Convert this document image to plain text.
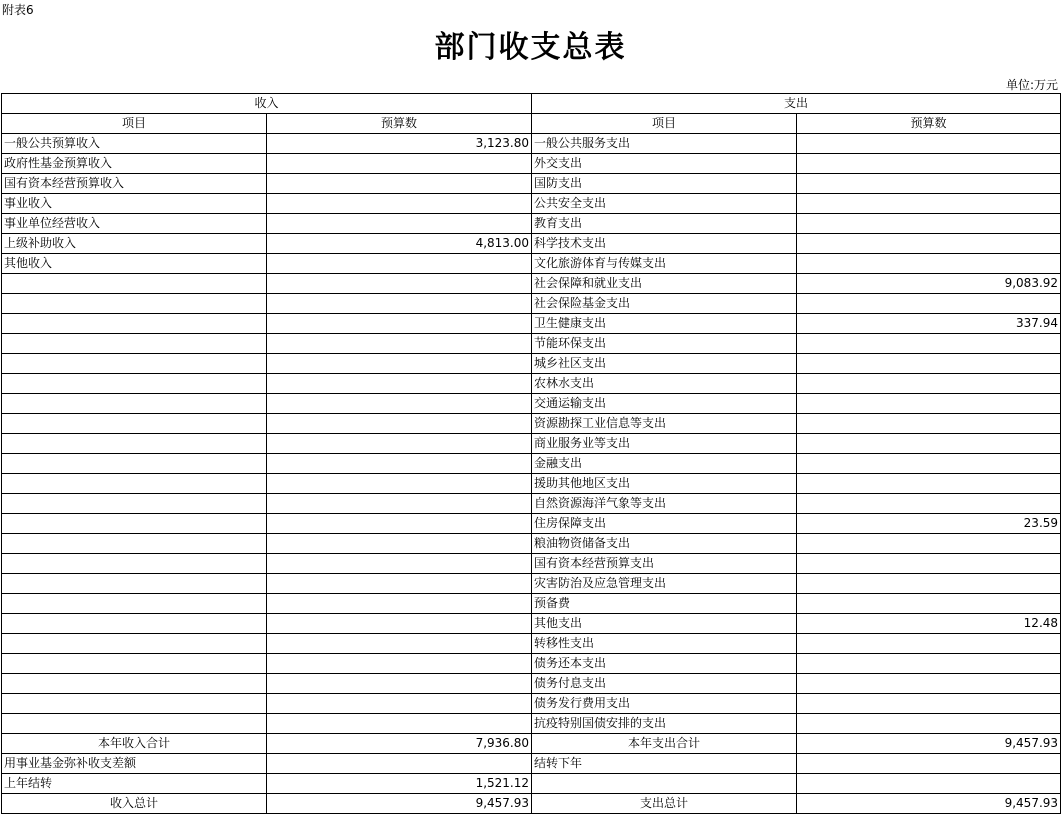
附表6
部门收支总表
单位:万元
收入		支出	
项目	预算数	项目	预算数
一般公共预算收入	3,123.80	一般公共服务支出	
政府性基金预算收入		外交支出	
国有资本经营预算收入		国防支出	
事业收入		公共安全支出	
事业单位经营收入		教育支出	
上级补助收入	4,813.00	科学技术支出	
其他收入		文化旅游体育与传媒支出	
		社会保障和就业支出	9,083.92
		社会保险基金支出	
		卫生健康支出	337.94
		节能环保支出	
		城乡社区支出	
		农林水支出	
		交通运输支出	
		资源勘探工业信息等支出	
		商业服务业等支出	
		金融支出	
		援助其他地区支出	
		自然资源海洋气象等支出	
		住房保障支出	23.59
		粮油物资储备支出	
		国有资本经营预算支出	
		灾害防治及应急管理支出	
		预备费	
		其他支出	12.48
		转移性支出	
		债务还本支出	
		债务付息支出	
		债务发行费用支出	
		抗疫特别国债安排的支出	
本年收入合计	7,936.80	本年支出合计	9,457.93
用事业基金弥补收支差额		结转下年	
上年结转	1,521.12		
收入总计	9,457.93	支出总计	9,457.93
